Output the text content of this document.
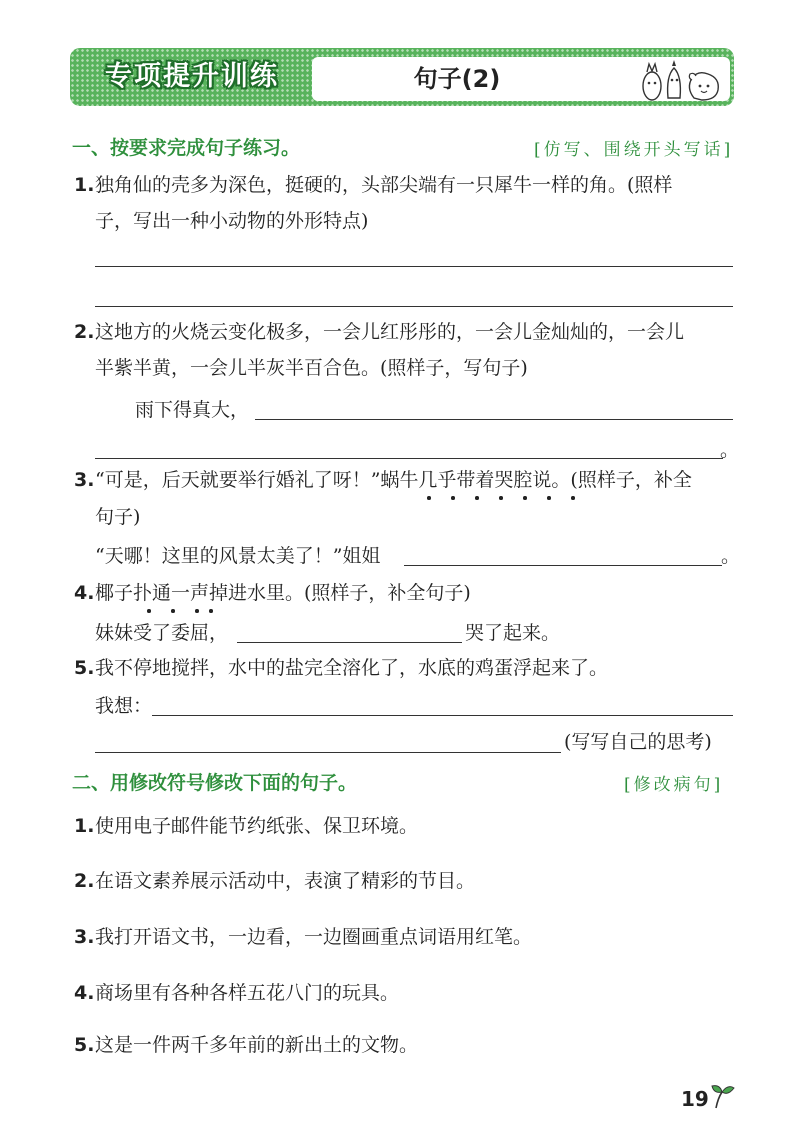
专项提升训练	句子(2)
一、按要求完成句子练习。	[仿写、围绕开头写话]
1. 独角仙的壳多为深色，挺硬的，头部尖端有一只犀牛一样的角。(照样
子，写出一种小动物的外形特点)
2. 这地方的火烧云变化极多，一会儿红彤彤的，一会儿金灿灿的，一会儿
半紫半黄，一会儿半灰半百合色。(照样子，写句子)
雨下得真大，
。
3. “可是，后天就要举行婚礼了呀！”蜗牛几乎带着哭腔说。(照样子，补全
句子)
“天哪！这里的风景太美了！”姐姐	。
4. 椰子扑通一声掉进水里。(照样子，补全句子)
妹妹受了委屈，	哭了起来。
5. 我不停地搅拌，水中的盐完全溶化了，水底的鸡蛋浮起来了。
我想：
(写写自己的思考)
二、用修改符号修改下面的句子。	[修改病句]
1. 使用电子邮件能节约纸张、保卫环境。
2. 在语文素养展示活动中，表演了精彩的节目。
3. 我打开语文书，一边看，一边圈画重点词语用红笔。
4. 商场里有各种各样五花八门的玩具。
5. 这是一件两千多年前的新出土的文物。
19
